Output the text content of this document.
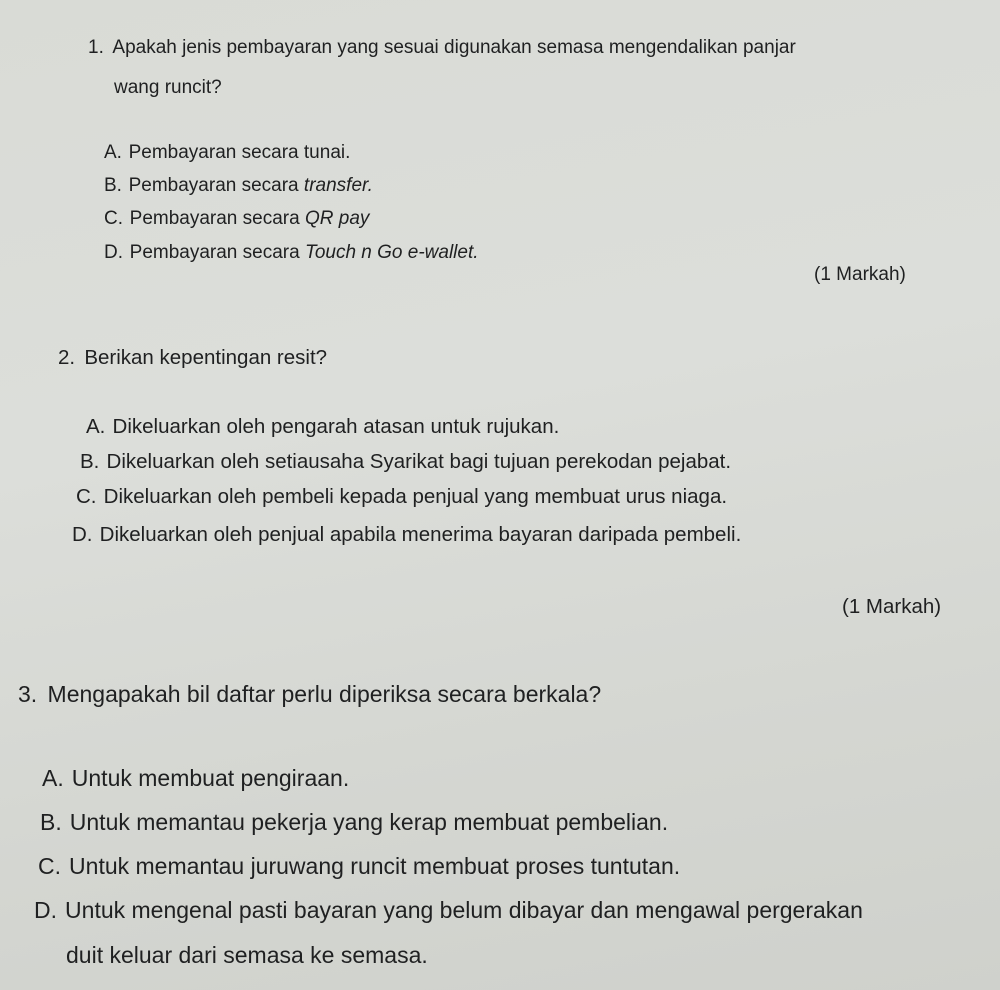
1. Apakah jenis pembayaran yang sesuai digunakan semasa mengendalikan panjar
wang runcit?
A. Pembayaran secara tunai.
B. Pembayaran secara transfer.
C. Pembayaran secara QR pay
D. Pembayaran secara Touch n Go e-wallet.
(1 Markah)
2. Berikan kepentingan resit?
A. Dikeluarkan oleh pengarah atasan untuk rujukan.
B. Dikeluarkan oleh setiausaha Syarikat bagi tujuan perekodan pejabat.
C. Dikeluarkan oleh pembeli kepada penjual yang membuat urus niaga.
D. Dikeluarkan oleh penjual apabila menerima bayaran daripada pembeli.
(1 Markah)
3. Mengapakah bil daftar perlu diperiksa secara berkala?
A. Untuk membuat pengiraan.
B. Untuk memantau pekerja yang kerap membuat pembelian.
C. Untuk memantau juruwang runcit membuat proses tuntutan.
D. Untuk mengenal pasti bayaran yang belum dibayar dan mengawal pergerakan
duit keluar dari semasa ke semasa.
